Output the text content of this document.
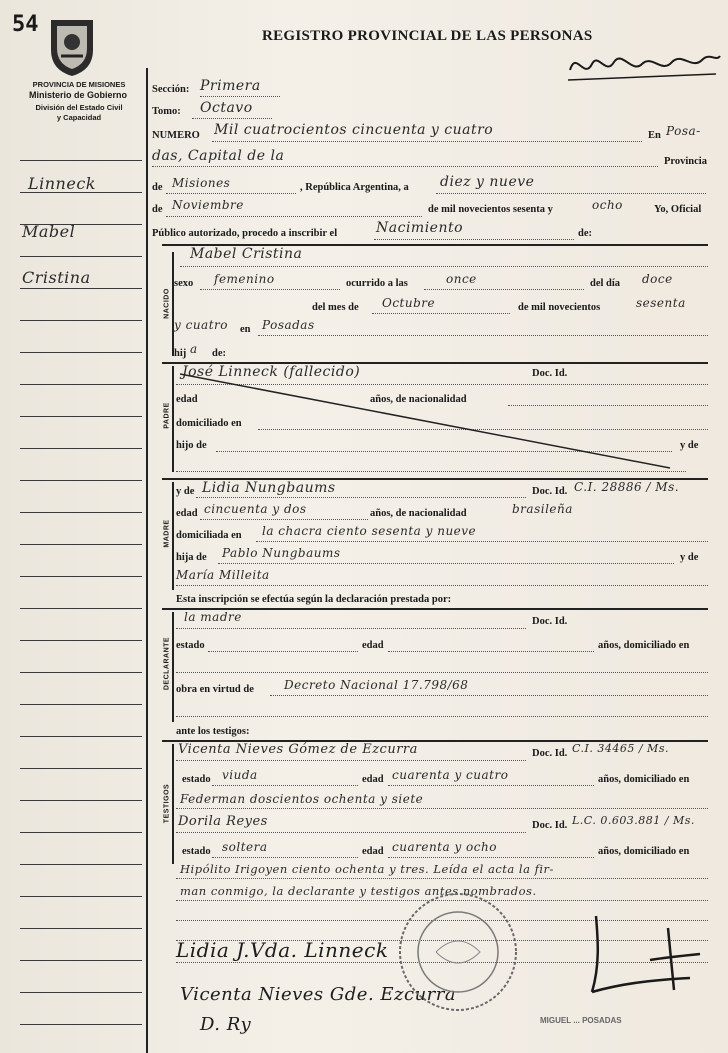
54
PROVINCIA DE MISIONES
Ministerio de Gobierno
División del Estado Civil
y Capacidad
REGISTRO PROVINCIAL DE LAS PERSONAS
Linneck
Mabel
Cristina
Sección: Primera
Tomo: Octavo
NUMERO Mil cuatrocientos cincuenta y cuatro	En Posa-
das, Capital de la	Provincia
de Misiones	, República Argentina, a diez y nueve
de Noviembre	de mil novecientos sesenta y	ocho	Yo, Oficial
Público autorizado, procedo a inscribir el	Nacimiento	de:
NACIDO
Mabel Cristina
sexo femenino	ocurrido a las	once	del día doce
del mes de Octubre	de mil novecientos	sesenta
y cuatro en Posadas
hij a de:
PADRE
José Linneck (fallecido)	Doc. Id.
edad	años, de nacionalidad
domiciliado en
hijo de	y de
MADRE
y de Lidia Nungbaums	Doc. Id. C.I. 28886 / Ms.
edad cincuenta y dos	años, de nacionalidad	brasileña
domiciliada en la chacra ciento sesenta y nueve
hija de Pablo Nungbaums	y de
María Milleita
Esta inscripción se efectúa según la declaración prestada por:
DECLARANTE
la madre	Doc. Id.
estado	edad	años, domiciliado en
obra en virtud de	Decreto Nacional 17.798/68
ante los testigos:
TESTIGOS
Vicenta Nieves Gómez de Ezcurra	Doc. Id. C.I. 34465 / Ms.
estado viuda	edad cuarenta y cuatro	años, domiciliado en
Federman doscientos ochenta y siete
Dorila Reyes	Doc. Id. L.C. 0.603.881 / Ms.
estado soltera	edad cuarenta y ocho	años, domiciliado en
Hipólito Irigoyen ciento ochenta y tres. Leída el acta la fir-
man conmigo, la declarante y testigos antes nombrados.
Lidia J.Vda. Linneck
Vicenta Nieves Gde. Ezcurra
D. Ry	MIGUEL ... POSADAS
